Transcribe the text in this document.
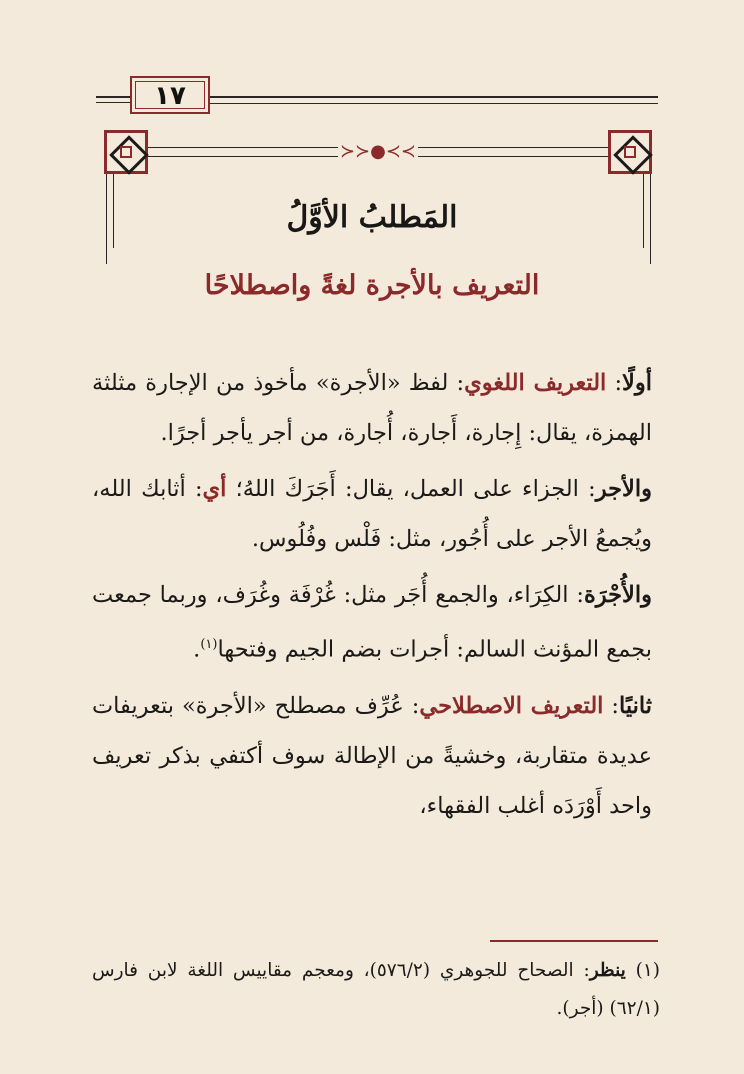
١٧
≻≻●≺≺
المَطلبُ الأوَّلُ
التعريف بالأجرة لغةً واصطلاحًا

أولًا: التعريف اللغوي: لفظ «الأجرة» مأخوذ من الإجارة مثلثة الهمزة، يقال: إِجارة، أَجارة، أُجارة، من أجر يأجر أجرًا.

والأجر: الجزاء على العمل، يقال: أَجَرَكَ اللهُ؛ أي: أثابك الله، ويُجمعُ الأجر على أُجُور، مثل: فَلْس وفُلُوس.

والأُجْرَة: الكِرَاء، والجمع أُجَر مثل: غُرْفَة وغُرَف، وربما جمعت بجمع المؤنث السالم: أجرات بضم الجيم وفتحها$^{(١)}$.

ثانيًا: التعريف الاصطلاحي: عُرِّف مصطلح «الأجرة» بتعريفات عديدة متقاربة، وخشيةً من الإطالة سوف أكتفي بذكر تعريف واحد أَوْرَدَه أغلب الفقهاء،

(١) ينظر: الصحاح للجوهري (٥٧٦/٢)، ومعجم مقاييس اللغة لابن فارس (٦٢/١) (أجر).
